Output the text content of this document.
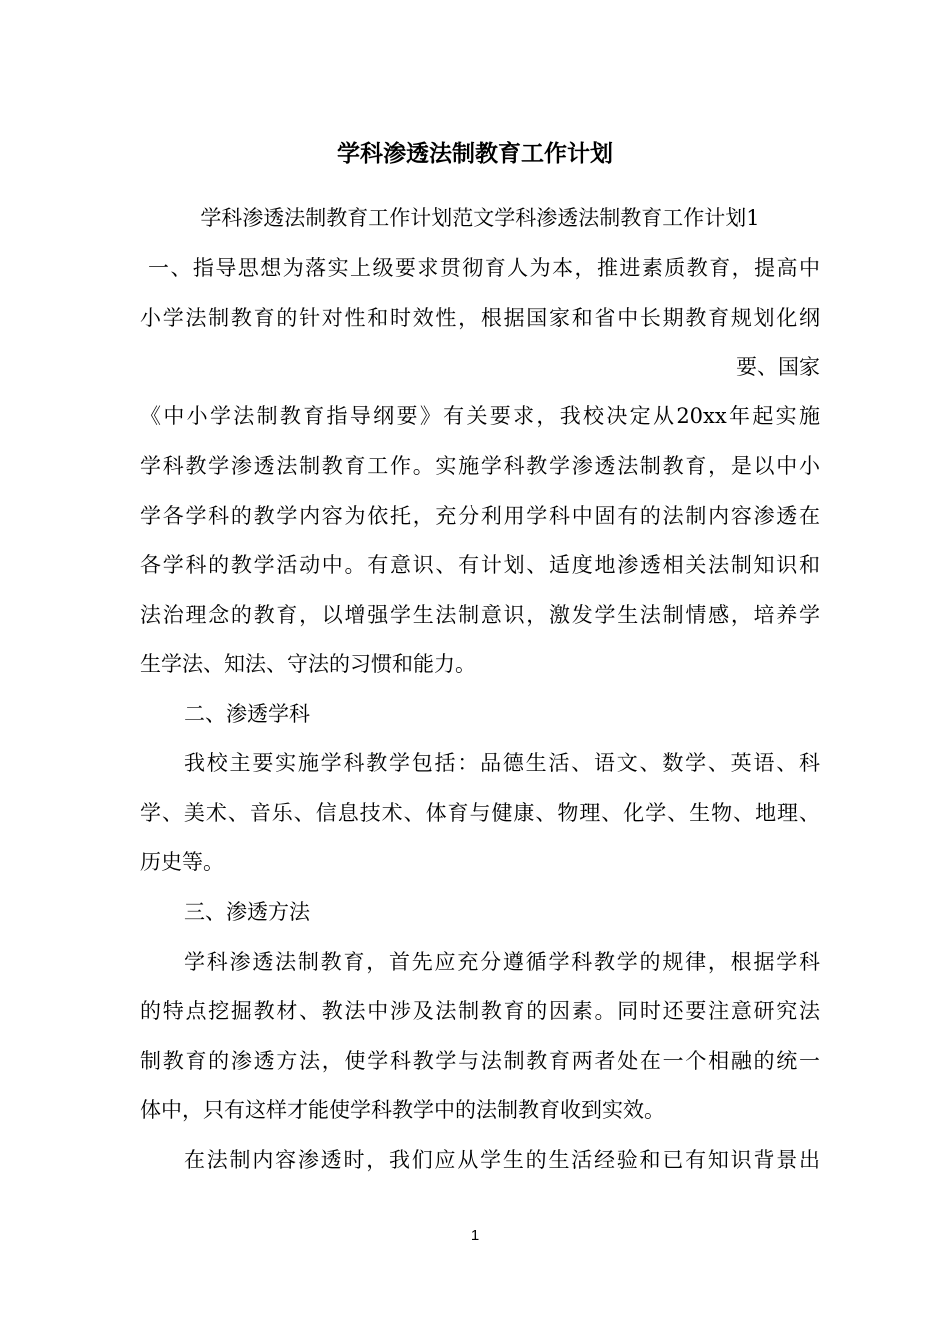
学科渗透法制教育工作计划
学科渗透法制教育工作计划范文学科渗透法制教育工作计划1
一、指导思想为落实上级要求贯彻育人为本，推进素质教育，提高中
小学法制教育的针对性和时效性，根据国家和省中长期教育规划化纲
要、国家
《中小学法制教育指导纲要》有关要求，我校决定从20xx年起实施
学科教学渗透法制教育工作。实施学科教学渗透法制教育，是以中小
学各学科的教学内容为依托，充分利用学科中固有的法制内容渗透在
各学科的教学活动中。有意识、有计划、适度地渗透相关法制知识和
法治理念的教育，以增强学生法制意识，激发学生法制情感，培养学
生学法、知法、守法的习惯和能力。
二、渗透学科
我校主要实施学科教学包括：品德生活、语文、数学、英语、科
学、美术、音乐、信息技术、体育与健康、物理、化学、生物、地理、
历史等。
三、渗透方法
学科渗透法制教育，首先应充分遵循学科教学的规律，根据学科
的特点挖掘教材、教法中涉及法制教育的因素。同时还要注意研究法
制教育的渗透方法，使学科教学与法制教育两者处在一个相融的统一
体中，只有这样才能使学科教学中的法制教育收到实效。
在法制内容渗透时，我们应从学生的生活经验和已有知识背景出
1
